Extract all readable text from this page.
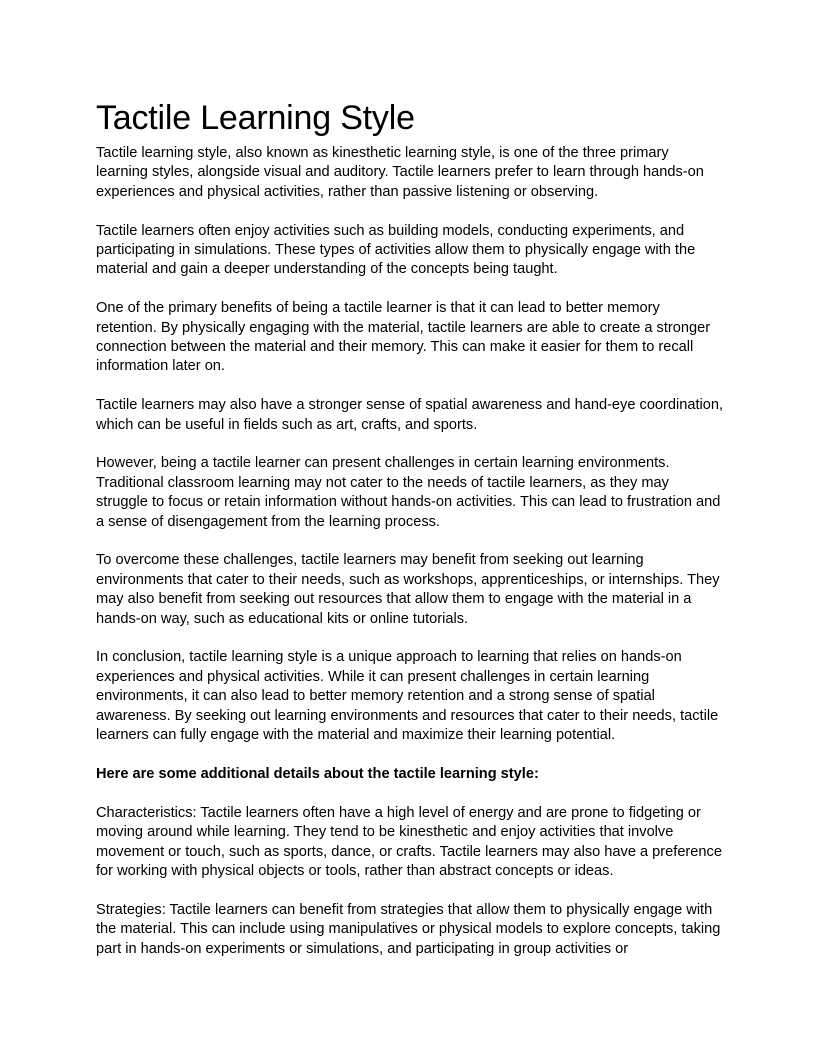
Tactile Learning Style

Tactile learning style, also known as kinesthetic learning style, is one of the three primary learning styles, alongside visual and auditory. Tactile learners prefer to learn through hands-on experiences and physical activities, rather than passive listening or observing.

Tactile learners often enjoy activities such as building models, conducting experiments, and participating in simulations. These types of activities allow them to physically engage with the material and gain a deeper understanding of the concepts being taught.

One of the primary benefits of being a tactile learner is that it can lead to better memory retention. By physically engaging with the material, tactile learners are able to create a stronger connection between the material and their memory. This can make it easier for them to recall information later on.

Tactile learners may also have a stronger sense of spatial awareness and hand-eye coordination, which can be useful in fields such as art, crafts, and sports.

However, being a tactile learner can present challenges in certain learning environments. Traditional classroom learning may not cater to the needs of tactile learners, as they may struggle to focus or retain information without hands-on activities. This can lead to frustration and a sense of disengagement from the learning process.

To overcome these challenges, tactile learners may benefit from seeking out learning environments that cater to their needs, such as workshops, apprenticeships, or internships. They may also benefit from seeking out resources that allow them to engage with the material in a hands-on way, such as educational kits or online tutorials.

In conclusion, tactile learning style is a unique approach to learning that relies on hands-on experiences and physical activities. While it can present challenges in certain learning environments, it can also lead to better memory retention and a strong sense of spatial awareness. By seeking out learning environments and resources that cater to their needs, tactile learners can fully engage with the material and maximize their learning potential.

Here are some additional details about the tactile learning style:

Characteristics: Tactile learners often have a high level of energy and are prone to fidgeting or moving around while learning. They tend to be kinesthetic and enjoy activities that involve movement or touch, such as sports, dance, or crafts. Tactile learners may also have a preference for working with physical objects or tools, rather than abstract concepts or ideas.

Strategies: Tactile learners can benefit from strategies that allow them to physically engage with the material. This can include using manipulatives or physical models to explore concepts, taking part in hands-on experiments or simulations, and participating in group activities or
